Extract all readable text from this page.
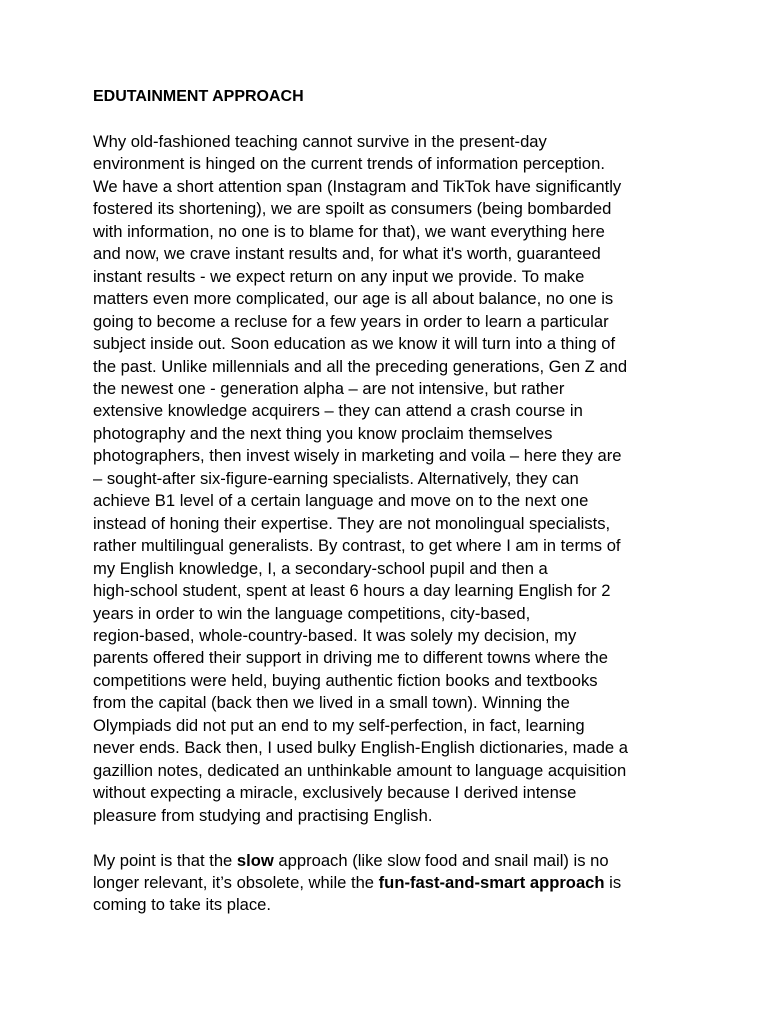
EDUTAINMENT APPROACH

Why old-fashioned teaching cannot survive in the present-day
environment is hinged on the current trends of information perception.
We have a short attention span (Instagram and TikTok have significantly
fostered its shortening), we are spoilt as consumers (being bombarded
with information, no one is to blame for that), we want everything here
and now, we crave instant results and, for what it's worth, guaranteed
instant results - we expect return on any input we provide. To make
matters even more complicated, our age is all about balance, no one is
going to become a recluse for a few years in order to learn a particular
subject inside out. Soon education as we know it will turn into a thing of
the past. Unlike millennials and all the preceding generations, Gen Z and
the newest one - generation alpha – are not intensive, but rather
extensive knowledge acquirers – they can attend a crash course in
photography and the next thing you know proclaim themselves
photographers, then invest wisely in marketing and voila – here they are
– sought-after six-figure-earning specialists. Alternatively, they can
achieve B1 level of a certain language and move on to the next one
instead of honing their expertise. They are not monolingual specialists,
rather multilingual generalists. By contrast, to get where I am in terms of
my English knowledge, I, a secondary-school pupil and then a
high-school student, spent at least 6 hours a day learning English for 2
years in order to win the language competitions, city-based,
region-based, whole-country-based. It was solely my decision, my
parents offered their support in driving me to different towns where the
competitions were held, buying authentic fiction books and textbooks
from the capital (back then we lived in a small town). Winning the
Olympiads did not put an end to my self-perfection, in fact, learning
never ends. Back then, I used bulky English-English dictionaries, made a
gazillion notes, dedicated an unthinkable amount to language acquisition
without expecting a miracle, exclusively because I derived intense
pleasure from studying and practising English.

My point is that the slow approach (like slow food and snail mail) is no
longer relevant, it’s obsolete, while the fun-fast-and-smart approach is
coming to take its place.
